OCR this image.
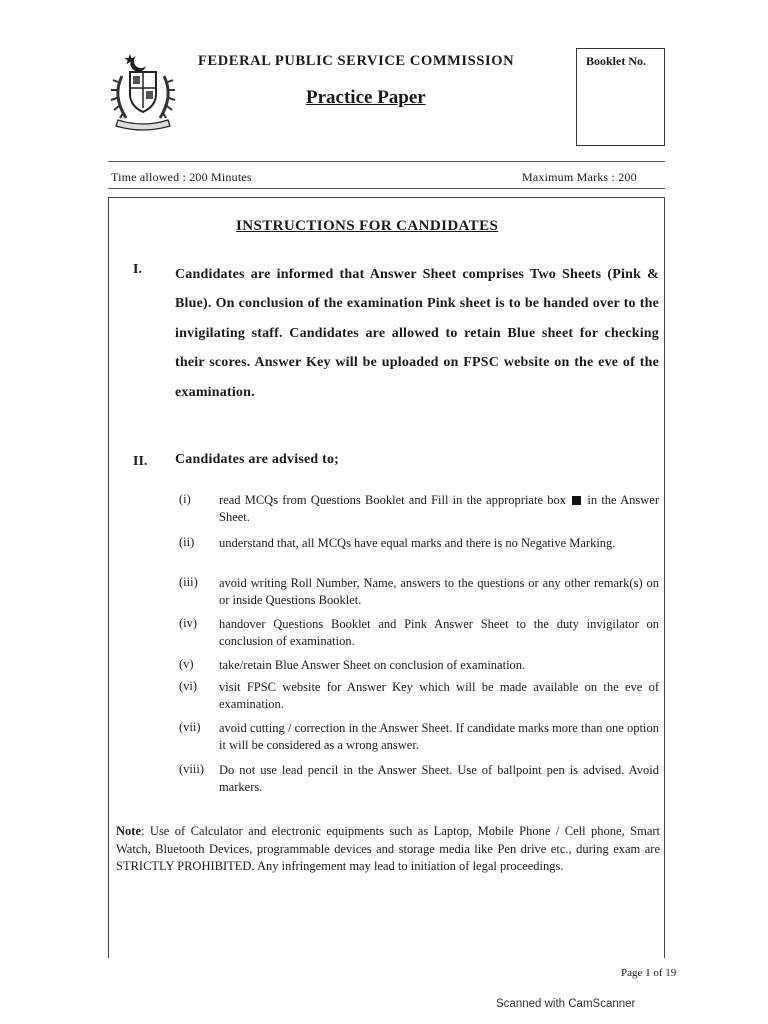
FEDERAL PUBLIC SERVICE COMMISSION
Practice Paper
Booklet No.
Time allowed : 200 Minutes	Maximum Marks : 200
INSTRUCTIONS FOR CANDIDATES
I. Candidates are informed that Answer Sheet comprises Two Sheets (Pink & Blue). On conclusion of the examination Pink sheet is to be handed over to the invigilating staff. Candidates are allowed to retain Blue sheet for checking their scores. Answer Key will be uploaded on FPSC website on the eve of the examination.
II. Candidates are advised to;
(i) read MCQs from Questions Booklet and Fill in the appropriate box in the Answer Sheet.
(ii) understand that, all MCQs have equal marks and there is no Negative Marking.
(iii) avoid writing Roll Number, Name, answers to the questions or any other remark(s) on or inside Questions Booklet.
(iv) handover Questions Booklet and Pink Answer Sheet to the duty invigilator on conclusion of examination.
(v) take/retain Blue Answer Sheet on conclusion of examination.
(vi) visit FPSC website for Answer Key which will be made available on the eve of examination.
(vii) avoid cutting / correction in the Answer Sheet. If candidate marks more than one option it will be considered as a wrong answer.
(viii) Do not use lead pencil in the Answer Sheet. Use of ballpoint pen is advised. Avoid markers.
Note: Use of Calculator and electronic equipments such as Laptop, Mobile Phone / Cell phone, Smart Watch, Bluetooth Devices, programmable devices and storage media like Pen drive etc., during exam are STRICTLY PROHIBITED. Any infringement may lead to initiation of legal proceedings.
Page 1 of 19
Scanned with CamScanner
